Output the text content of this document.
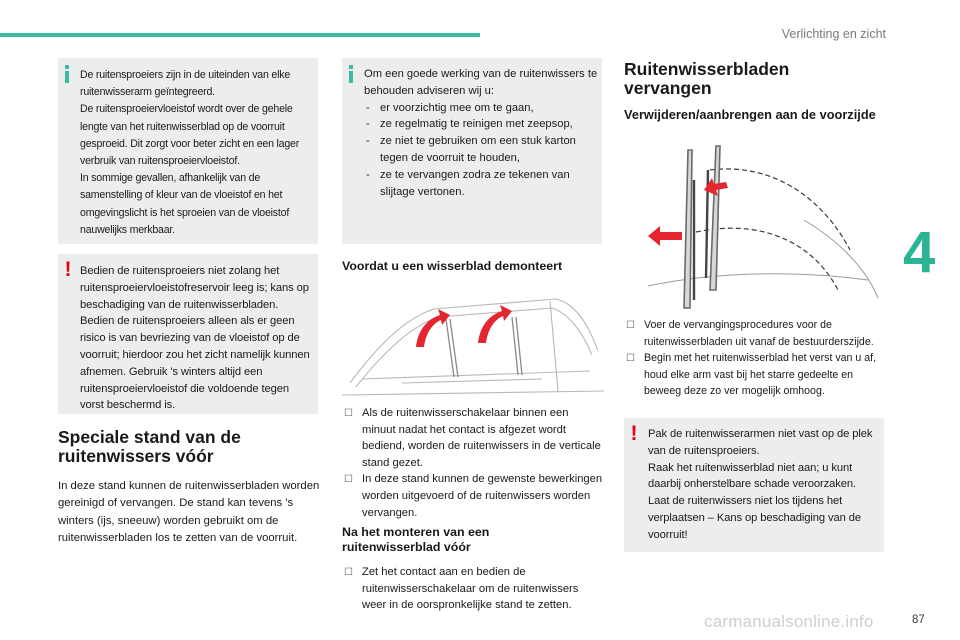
Verlichting en zicht
4

De ruitensproeiers zijn in de uiteinden van elke ruitenwisserarm geïntegreerd.

De ruitensproeiervloeistof wordt over de gehele lengte van het ruitenwisserblad op de voorruit gesproeid. Dit zorgt voor beter zicht en een lager verbruik van ruitensproeiervloeistof.

In sommige gevallen, afhankelijk van de samenstelling of kleur van de vloeistof en het omgevingslicht is het sproeien van de vloeistof nauwelijks merkbaar.

! Bedien de ruitensproeiers niet zolang het ruitensproeiervloeistofreservoir leeg is; kans op beschadiging van de ruitenwisserbladen. Bedien de ruitensproeiers alleen als er geen risico is van bevriezing van de vloeistof op de voorruit; hierdoor zou het zicht namelijk kunnen afnemen. Gebruik 's winters altijd een ruitensproeiervloeistof die voldoende tegen vorst beschermd is.

Speciale stand van de ruitenwissers vóór
In deze stand kunnen de ruitenwisserbladen worden gereinigd of vervangen. De stand kan tevens 's winters (ijs, sneeuw) worden gebruikt om de ruitenwisserbladen los te zetten van de voorruit.

Om een goede werking van de ruitenwissers te behouden adviseren wij u:

- er voorzichtig mee om te gaan,
- ze regelmatig te reinigen met zeepsop,
- ze niet te gebruiken om een stuk karton tegen de voorruit te houden,
- ze te vervangen zodra ze tekenen van slijtage vertonen.
Voordat u een wisserblad demonteert
☐ Als de ruitenwisserschakelaar binnen een minuut nadat het contact is afgezet wordt bediend, worden de ruitenwissers in de verticale stand gezet.
☐ In deze stand kunnen de gewenste bewerkingen worden uitgevoerd of de ruitenwissers worden vervangen.
Na het monteren van een ruitenwisserblad vóór
☐ Zet het contact aan en bedien de ruitenwisserschakelaar om de ruitenwissers weer in de oorspronkelijke stand te zetten.
Ruitenwisserbladen vervangen
Verwijderen/aanbrengen aan de voorzijde
☐ Voer de vervangingsprocedures voor de ruitenwisserbladen uit vanaf de bestuurderszijde.
☐ Begin met het ruitenwisserblad het verst van u af, houd elke arm vast bij het starre gedeelte en beweeg deze zo ver mogelijk omhoog.
! Pak de ruitenwisserarmen niet vast op de plek van de ruitensproeiers.

Raak het ruitenwisserblad niet aan; u kunt daarbij onherstelbare schade veroorzaken.

Laat de ruitenwissers niet los tijdens het verplaatsen – Kans op beschadiging van de voorruit!

carmanualsonline.info	87
